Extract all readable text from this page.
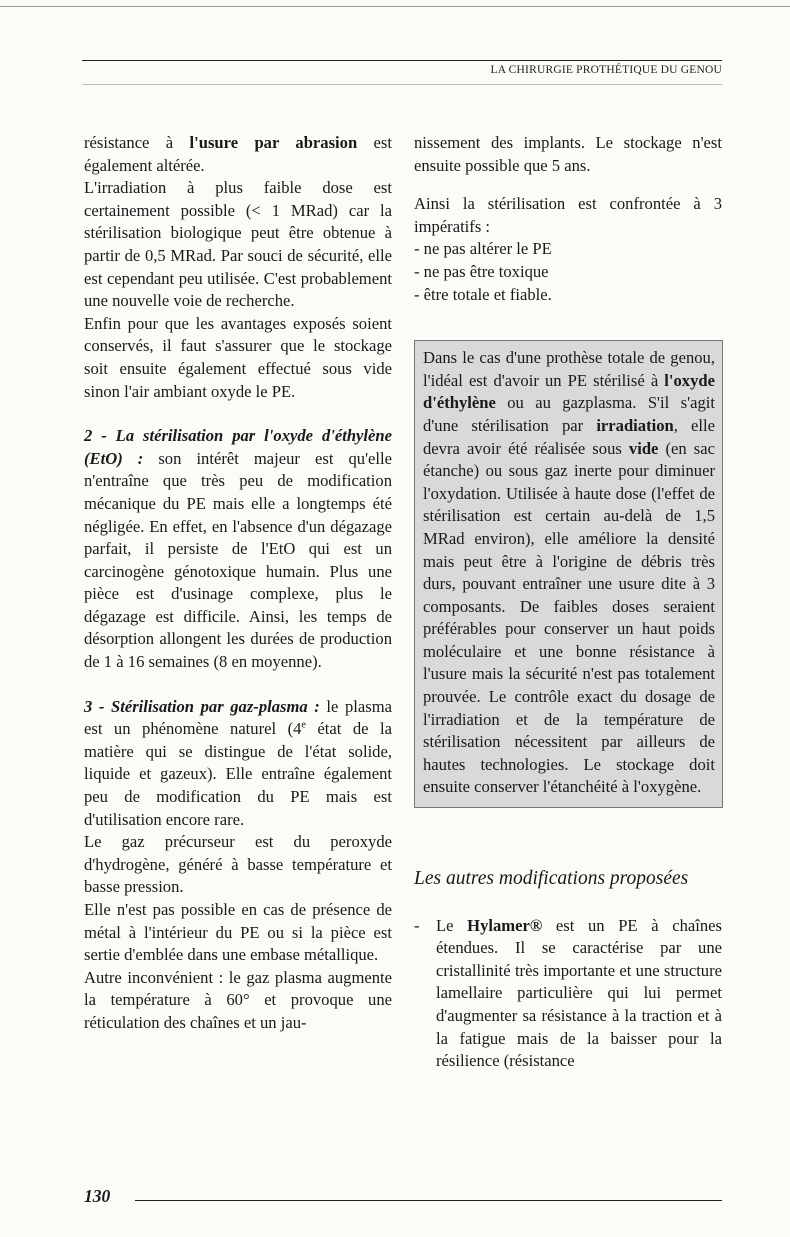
LA CHIRURGIE PROTHÉTIQUE DU GENOU

résistance à l'usure par abrasion est également altérée.

L'irradiation à plus faible dose est certainement possible (< 1 MRad) car la stérilisation biologique peut être obtenue à partir de 0,5 MRad. Par souci de sécurité, elle est cependant peu utilisée. C'est probablement une nouvelle voie de recherche.

Enfin pour que les avantages exposés soient conservés, il faut s'assurer que le stockage soit ensuite également effectué sous vide sinon l'air ambiant oxyde le PE.

2 - La stérilisation par l'oxyde d'éthylène (EtO) : son intérêt majeur est qu'elle n'entraîne que très peu de modification mécanique du PE mais elle a longtemps été négligée. En effet, en l'absence d'un dégazage parfait, il persiste de l'EtO qui est un carcinogène génotoxique humain. Plus une pièce est d'usinage complexe, plus le dégazage est difficile. Ainsi, les temps de désorption allongent les durées de production de 1 à 16 semaines (8 en moyenne).

3 - Stérilisation par gaz-plasma : le plasma est un phénomène naturel (4e état de la matière qui se distingue de l'état solide, liquide et gazeux). Elle entraîne également peu de modification du PE mais est d'utilisation encore rare.

Le gaz précurseur est du peroxyde d'hydrogène, généré à basse température et basse pression.

Elle n'est pas possible en cas de présence de métal à l'intérieur du PE ou si la pièce est sertie d'emblée dans une embase métallique.

Autre inconvénient : le gaz plasma augmente la température à 60° et provoque une réticulation des chaînes et un jau-

nissement des implants. Le stockage n'est ensuite possible que 5 ans.

Ainsi la stérilisation est confrontée à 3 impératifs :

- ne pas altérer le PE
- ne pas être toxique
- être totale et fiable.

Dans le cas d'une prothèse totale de genou, l'idéal est d'avoir un PE stérilisé à l'oxyde d'éthylène ou au gazplasma. S'il s'agit d'une stérilisation par irradiation, elle devra avoir été réalisée sous vide (en sac étanche) ou sous gaz inerte pour diminuer l'oxydation. Utilisée à haute dose (l'effet de stérilisation est certain au-delà de 1,5 MRad environ), elle améliore la densité mais peut être à l'origine de débris très durs, pouvant entraîner une usure dite à 3 composants. De faibles doses seraient préférables pour conserver un haut poids moléculaire et une bonne résistance à l'usure mais la sécurité n'est pas totalement prouvée. Le contrôle exact du dosage de l'irradiation et de la température de stérilisation nécessitent par ailleurs de hautes technologies. Le stockage doit ensuite conserver l'étanchéité à l'oxygène.

Les autres modifications proposées
- Le Hylamer® est un PE à chaînes étendues. Il se caractérise par une cristallinité très importante et une structure lamellaire particulière qui lui permet d'augmenter sa résistance à la traction et à la fatigue mais de la baisser pour la résilience (résistance
130
